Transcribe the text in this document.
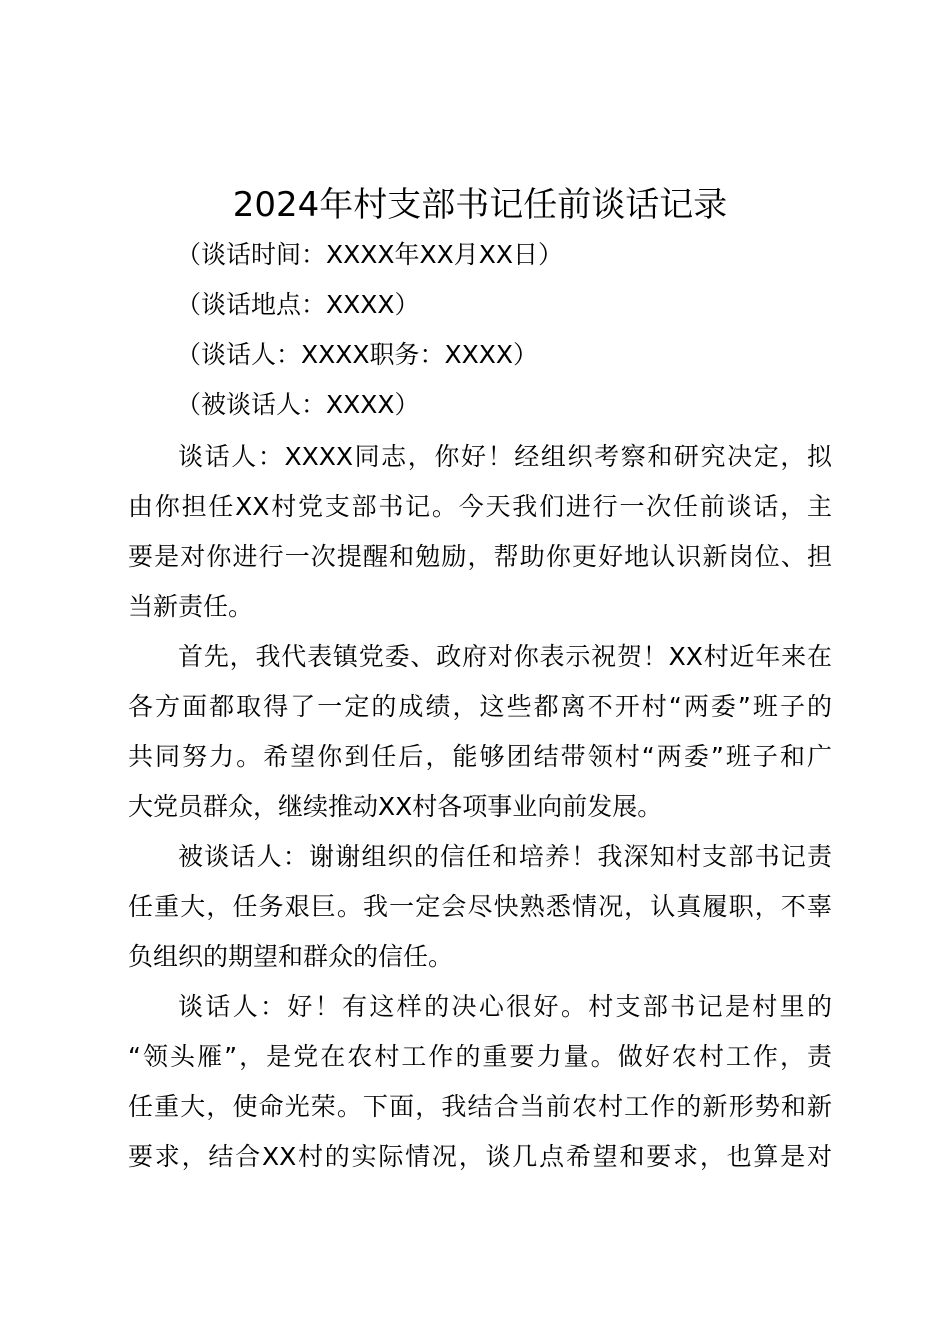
2024年村支部书记任前谈话记录
（谈话时间：XXXX年XX月XX日）
（谈话地点：XXXX）
（谈话人：XXXX职务：XXXX）
（被谈话人：XXXX）
谈话人：XXXX同志，你好！经组织考察和研究决定，拟
由你担任XX村党支部书记。今天我们进行一次任前谈话，主
要是对你进行一次提醒和勉励，帮助你更好地认识新岗位、担
当新责任。
首先，我代表镇党委、政府对你表示祝贺！XX村近年来在
各方面都取得了一定的成绩，这些都离不开村“两委”班子的
共同努力。希望你到任后，能够团结带领村“两委”班子和广
大党员群众，继续推动XX村各项事业向前发展。
被谈话人：谢谢组织的信任和培养！我深知村支部书记责
任重大，任务艰巨。我一定会尽快熟悉情况，认真履职，不辜
负组织的期望和群众的信任。
谈话人：好！有这样的决心很好。村支部书记是村里的
“领头雁”，是党在农村工作的重要力量。做好农村工作，责
任重大，使命光荣。下面，我结合当前农村工作的新形势和新
要求，结合XX村的实际情况，谈几点希望和要求，也算是对
